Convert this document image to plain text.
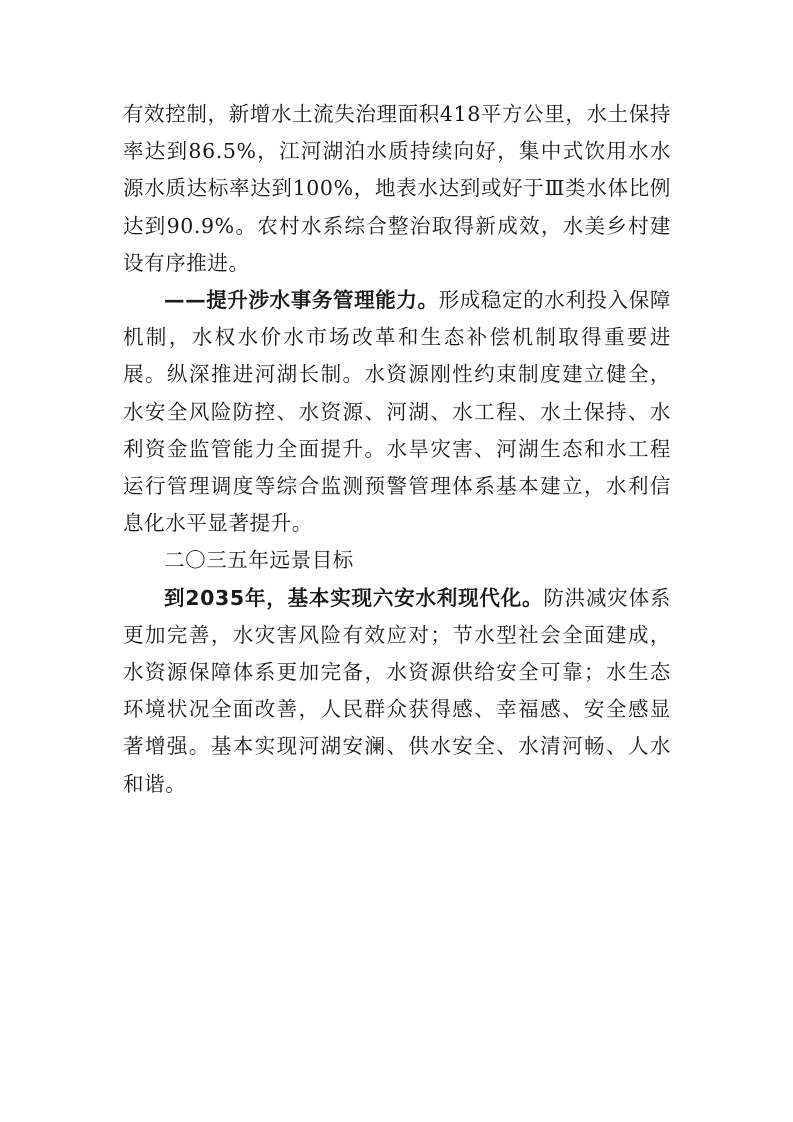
有效控制，新增水土流失治理面积418平方公里，水土保持率达到86.5%，江河湖泊水质持续向好，集中式饮用水水源水质达标率达到100%，地表水达到或好于Ⅲ类水体比例达到90.9%。农村水系综合整治取得新成效，水美乡村建设有序推进。

——提升涉水事务管理能力。形成稳定的水利投入保障机制，水权水价水市场改革和生态补偿机制取得重要进展。纵深推进河湖长制。水资源刚性约束制度建立健全，水安全风险防控、水资源、河湖、水工程、水土保持、水利资金监管能力全面提升。水旱灾害、河湖生态和水工程运行管理调度等综合监测预警管理体系基本建立，水利信息化水平显著提升。

二〇三五年远景目标

到2035年，基本实现六安水利现代化。防洪减灾体系更加完善，水灾害风险有效应对；节水型社会全面建成，水资源保障体系更加完备，水资源供给安全可靠；水生态环境状况全面改善，人民群众获得感、幸福感、安全感显著增强。基本实现河湖安澜、供水安全、水清河畅、人水和谐。
